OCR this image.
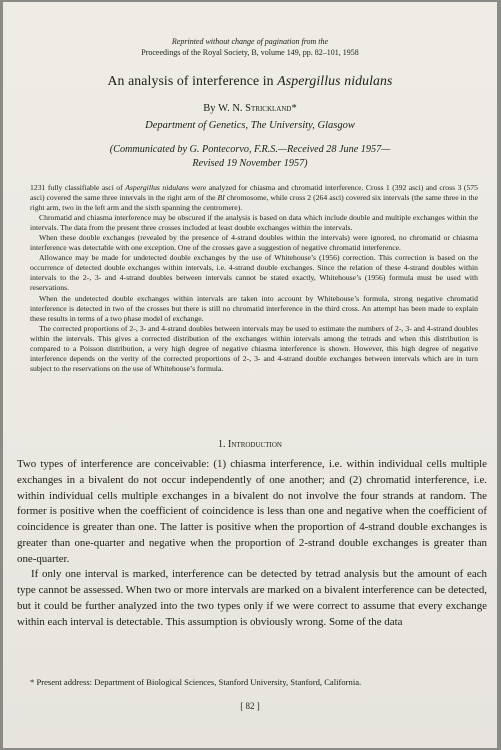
Reprinted without change of pagination from the
Proceedings of the Royal Society, B, volume 149, pp. 82–101, 1958
An analysis of interference in Aspergillus nidulans
By W. N. Strickland*
Department of Genetics, The University, Glasgow
(Communicated by G. Pontecorvo, F.R.S.—Received 28 June 1957—
Revised 19 November 1957)

1231 fully classifiable asci of Aspergillus nidulans were analyzed for chiasma and chromatid interference. Cross 1 (392 asci) and cross 3 (575 asci) covered the same three intervals in the right arm of the BI chromosome, while cross 2 (264 asci) covered six intervals (the same three in the right arm, two in the left arm and the sixth spanning the centromere).

Chromatid and chiasma interference may be obscured if the analysis is based on data which include double and multiple exchanges within the intervals. The data from the present three crosses included at least double exchanges within the intervals.

When these double exchanges (revealed by the presence of 4-strand doubles within the intervals) were ignored, no chromatid or chiasma interference was detectable with one exception. One of the crosses gave a suggestion of negative chromatid interference.

Allowance may be made for undetected double exchanges by the use of Whitehouse’s (1956) correction. This correction is based on the occurrence of detected double exchanges within intervals, i.e. 4-strand double exchanges. Since the relation of these 4-strand doubles within intervals to the 2-, 3- and 4-strand doubles between intervals cannot be stated exactly, Whitehouse’s (1956) formula must be used with reservations.

When the undetected double exchanges within intervals are taken into account by Whitehouse’s formula, strong negative chromatid interference is detected in two of the crosses but there is still no chromatid interference in the third cross. An attempt has been made to explain these results in terms of a two phase model of exchange.

The corrected proportions of 2-, 3- and 4-strand doubles between intervals may be used to estimate the numbers of 2-, 3- and 4-strand doubles within the intervals. This gives a corrected distribution of the exchanges within intervals among the tetrads and when this distribution is compared to a Poisson distribution, a very high degree of negative chiasma interference is shown. However, this high degree of negative interference depends on the verity of the corrected proportions of 2-, 3- and 4-strand double exchanges between intervals which are in turn subject to the reservations on the use of Whitehouse’s formula.

1. Introduction

Two types of interference are conceivable: (1) chiasma interference, i.e. within individual cells multiple exchanges in a bivalent do not occur independently of one another; and (2) chromatid interference, i.e. within individual cells multiple exchanges in a bivalent do not involve the four strands at random. The former is positive when the coefficient of coincidence is less than one and negative when the coefficient of coincidence is greater than one. The latter is positive when the proportion of 4-strand double exchanges is greater than one-quarter and negative when the proportion of 2-strand double exchanges is greater than one-quarter.

If only one interval is marked, interference can be detected by tetrad analysis but the amount of each type cannot be assessed. When two or more intervals are marked on a bivalent interference can be detected, but it could be further analyzed into the two types only if we were correct to assume that every exchange within each interval is detectable. This assumption is obviously wrong. Some of the data

* Present address: Department of Biological Sciences, Stanford University, Stanford, California.
[ 82 ]
